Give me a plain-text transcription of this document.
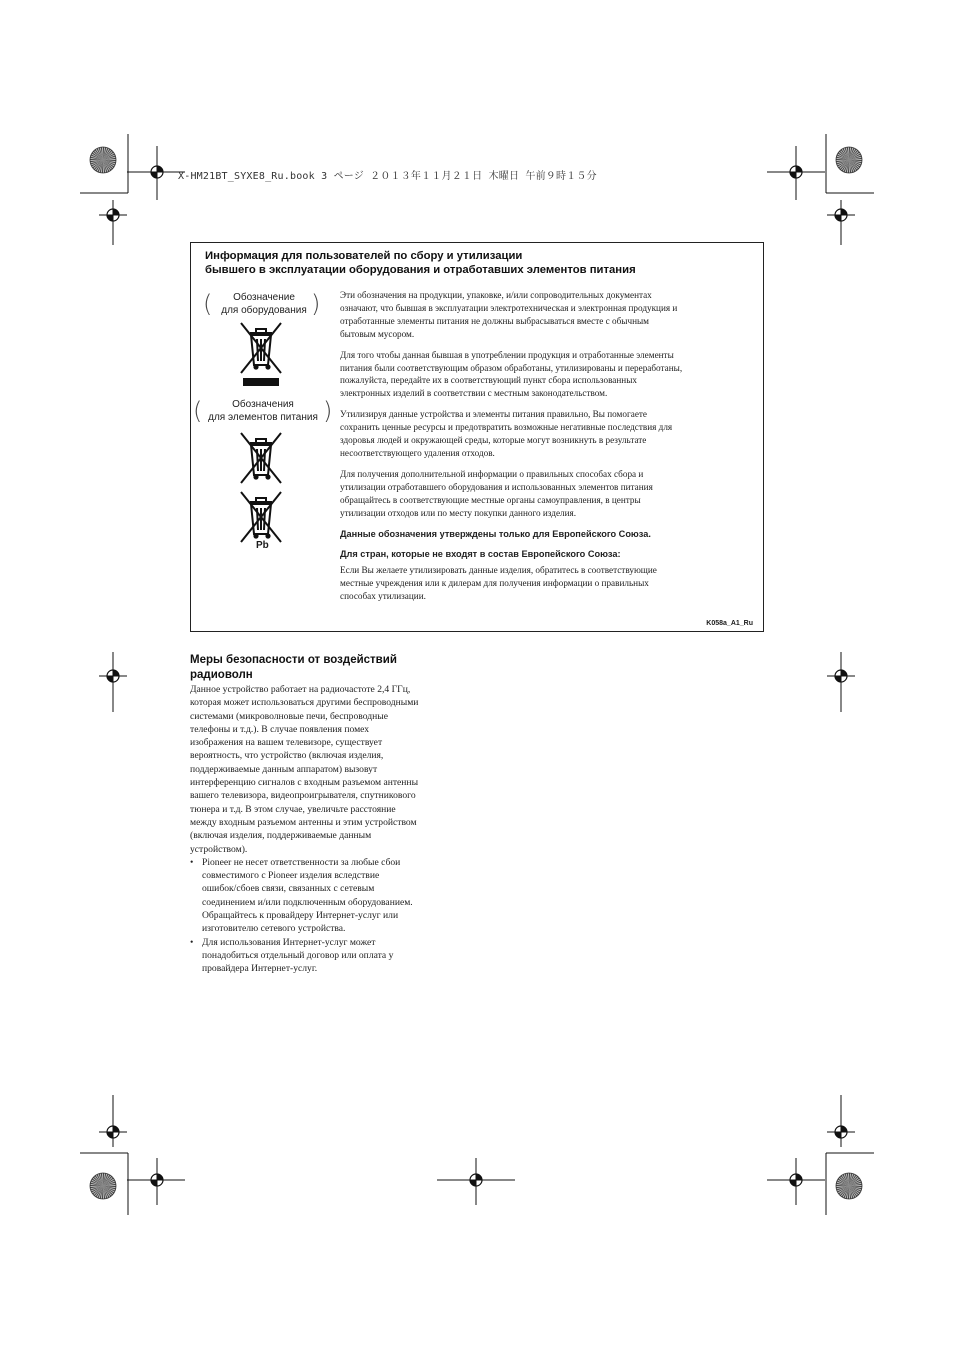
X-HM21BT_SYXE8_Ru.book 3 ページ ２０１３年１１月２１日 木曜日 午前９時１５分
Информация для пользователей по сбору и утилизации
бывшего в эксплуатации оборудования и отработавших элементов питания
(	Обозначение
для оборудования )
(	Обозначения
для элементов питания )
Pb

Эти обозначения на продукции, упаковке, и/или сопроводительных документах
означают, что бывшая в эксплуатации электротехническая и электронная продукция и
отработанные элементы питания не должны выбрасываться вместе с обычным
бытовым мусором.

Для того чтобы данная бывшая в употреблении продукция и отработанные элементы
питания были соответствующим образом обработаны, утилизированы и переработаны,
пожалуйста, передайте их в соответствующий пункт сбора использованных
электронных изделий в соответствии с местным законодательством.

Утилизируя данные устройства и элементы питания правильно, Вы помогаете
сохранить ценные ресурсы и предотвратить возможные негативные последствия для
здоровья людей и окружающей среды, которые могут возникнуть в результате
несоответствующего удаления отходов.

Для получения дополнительной информации о правильных способах сбора и
утилизации отработавшего оборудования и использованных элементов питания
обращайтесь в соответствующие местные органы самоуправления, в центры
утилизации отходов или по месту покупки данного изделия.

Данные обозначения утверждены только для Европейского Союза.
Для стран, которые не входят в состав Европейского Союза:

Если Вы желаете утилизировать данные изделия, обратитесь в соответствующие
местные учреждения или к дилерам для получения информации о правильных
способах утилизации.

K058a_A1_Ru
Меры безопасности от воздействий
радиоволн
Данное устройство работает на радиочастоте 2,4 ГГц,
которая может использоваться другими беспроводными
системами (микроволновые печи, беспроводные
телефоны и т.д.). В случае появления помех
изображения на вашем телевизоре, существует
вероятность, что устройство (включая изделия,
поддерживаемые данным аппаратом) вызовут
интерференцию сигналов с входным разъемом антенны
вашего телевизора, видеопроигрывателя, спутникового
тюнера и т.д. В этом случае, увеличьте расстояние
между входным разъемом антенны и этим устройством
(включая изделия, поддерживаемые данным
устройством).
• Pioneer не несет ответственности за любые сбои
совместимого с Pioneer изделия вследствие
ошибок/сбоев связи, связанных с сетевым
соединением и/или подключенным оборудованием.
Обращайтесь к провайдеру Интернет-услуг или
изготовителю сетевого устройства.
• Для использования Интернет-услуг может
понадобиться отдельный договор или оплата у
провайдера Интернет-услуг.
